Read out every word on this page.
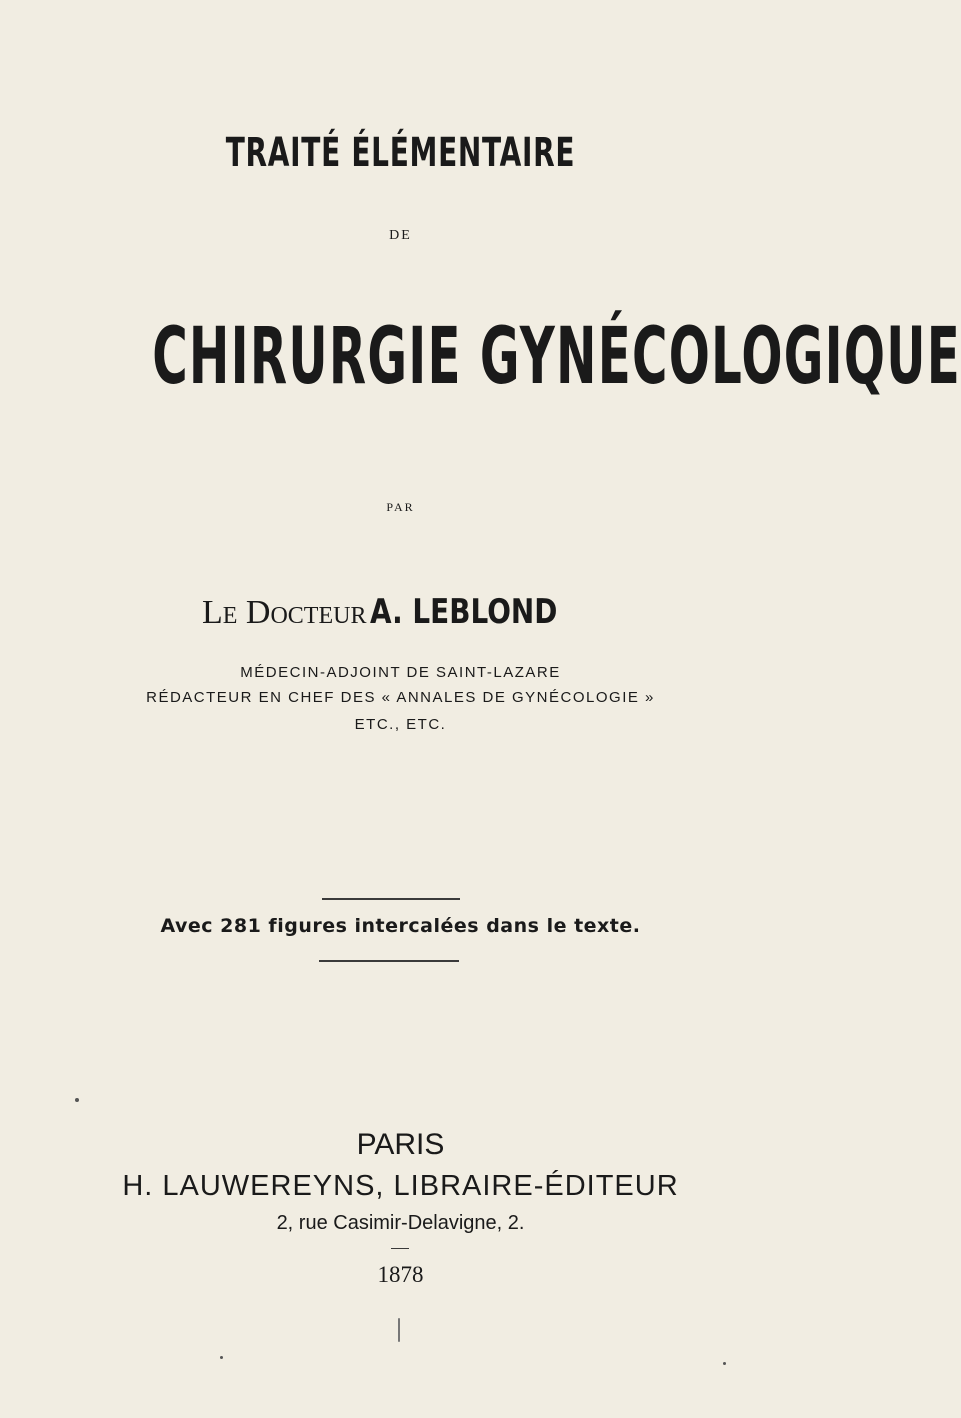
TRAITÉ ÉLÉMENTAIRE
DE
CHIRURGIE GYNÉCOLOGIQUE
PAR
Le Docteur A. LEBLOND
MÉDECIN-ADJOINT DE SAINT-LAZARE
RÉDACTEUR EN CHEF DES « ANNALES DE GYNÉCOLOGIE »
ETC., ETC.
Avec 281 figures intercalées dans le texte.
PARIS
H. LAUWEREYNS, LIBRAIRE-ÉDITEUR
2, rue Casimir-Delavigne, 2.
1878
